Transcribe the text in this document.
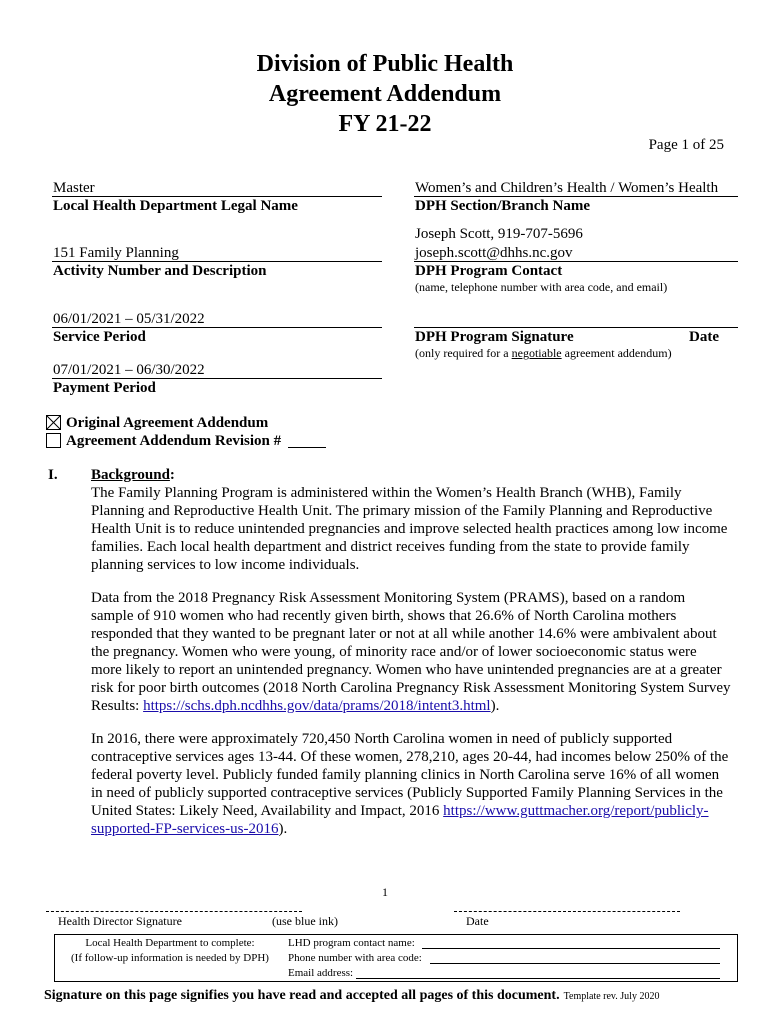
Division of Public Health
Agreement Addendum
FY 21-22
Page 1 of 25
Master
Local Health Department Legal Name
151 Family Planning
Activity Number and Description
06/01/2021 – 05/31/2022
Service Period
07/01/2021 – 06/30/2022
Payment Period
Women’s and Children’s Health / Women’s Health
DPH Section/Branch Name
Joseph Scott, 919-707-5696
joseph.scott@dhhs.nc.gov
DPH Program Contact
(name, telephone number with area code, and email)
DPH Program Signature	Date
(only required for a negotiable agreement addendum)
Original Agreement Addendum
Agreement Addendum Revision #
I. Background:
The Family Planning Program is administered within the Women’s Health Branch (WHB), Family Planning and Reproductive Health Unit. The primary mission of the Family Planning and Reproductive Health Unit is to reduce unintended pregnancies and improve selected health practices among low income families. Each local health department and district receives funding from the state to provide family planning services to low income individuals.
Data from the 2018 Pregnancy Risk Assessment Monitoring System (PRAMS), based on a random sample of 910 women who had recently given birth, shows that 26.6% of North Carolina mothers responded that they wanted to be pregnant later or not at all while another 14.6% were ambivalent about the pregnancy. Women who were young, of minority race and/or of lower socioeconomic status were more likely to report an unintended pregnancy. Women who have unintended pregnancies are at a greater risk for poor birth outcomes (2018 North Carolina Pregnancy Risk Assessment Monitoring System Survey Results: https://schs.dph.ncdhhs.gov/data/prams/2018/intent3.html).
In 2016, there were approximately 720,450 North Carolina women in need of publicly supported contraceptive services ages 13-44. Of these women, 278,210, ages 20-44, had incomes below 250% of the federal poverty level. Publicly funded family planning clinics in North Carolina serve 16% of all women in need of publicly supported contraceptive services (Publicly Supported Family Planning Services in the United States: Likely Need, Availability and Impact, 2016 https://www.guttmacher.org/report/publicly-supported-FP-services-us-2016).
1
Health Director Signature	(use blue ink)	Date
Local Health Department to complete:
(If follow-up information is needed by DPH)
LHD program contact name:
Phone number with area code:
Email address:
Signature on this page signifies you have read and accepted all pages of this document. Template rev. July 2020
